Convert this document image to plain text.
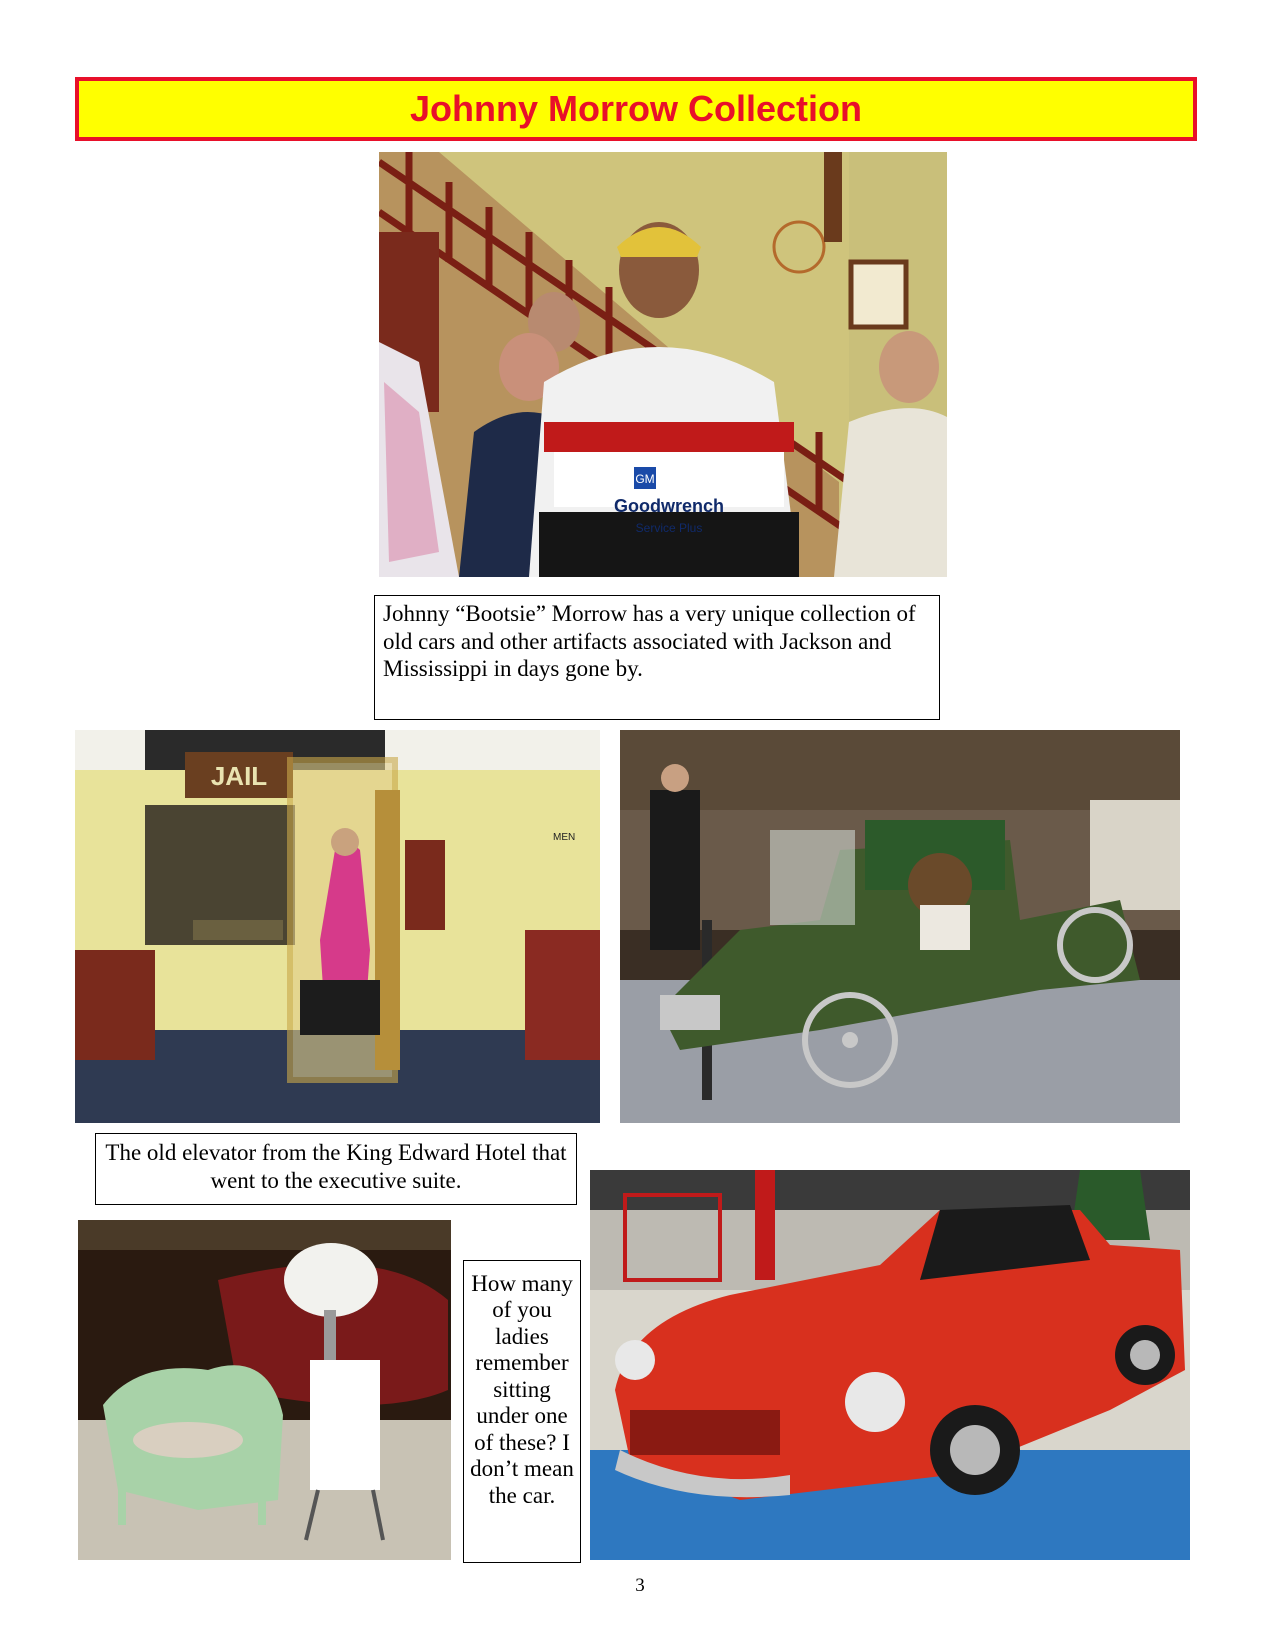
Johnny Morrow Collection
GM
Goodwrench
Service Plus
Johnny “Bootsie” Morrow has a very unique collection of old cars and other artifacts associated with Jackson and Mississippi in days gone by.
JAIL
MEN
The old elevator from the King Edward Hotel that went to the executive suite.
How many of you ladies remember sitting under one of these? I don’t mean the car.
3
